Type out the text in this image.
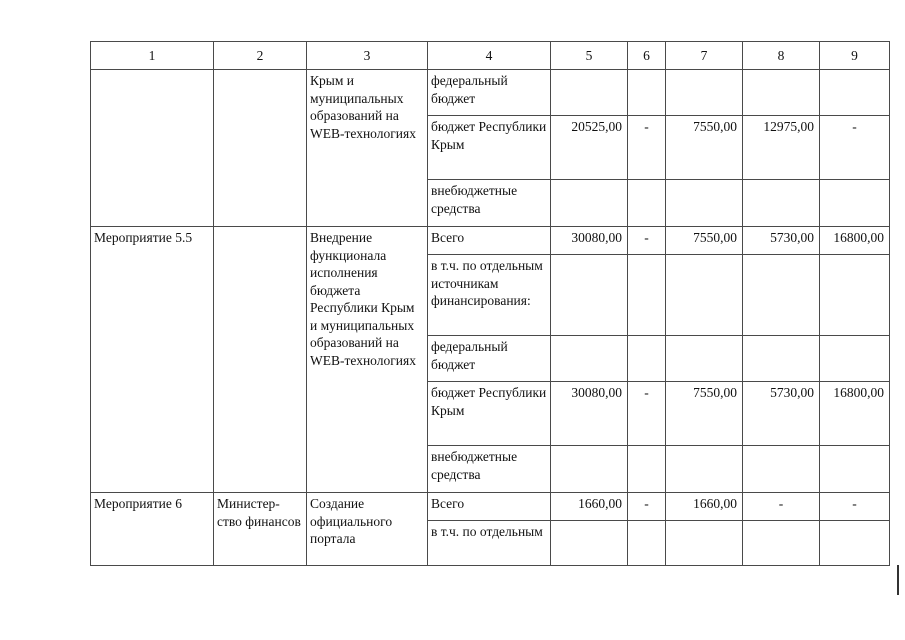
1	2	3	4	5	6	7	8	9
		Крым и муниципальных образований на WEB-технологиях	федеральный бюджет					
			бюджет Республики Крым	20525,00	-	7550,00	12975,00	-
			внебюджетные средства					
Мероприятие 5.5		Внедрение функционала исполнения бюджета Республики Крым и муниципальных образований на WEB-технологиях	Всего	30080,00	-	7550,00	5730,00	16800,00
			в т.ч. по отдельным источникам финансирования:					
			федеральный бюджет					
			бюджет Республики Крым	30080,00	-	7550,00	5730,00	16800,00
			внебюджетные средства					
Мероприятие 6	Министер-ство финансов	Создание официального портала	Всего	1660,00	-	1660,00	-	-
			в т.ч. по отдельным					
